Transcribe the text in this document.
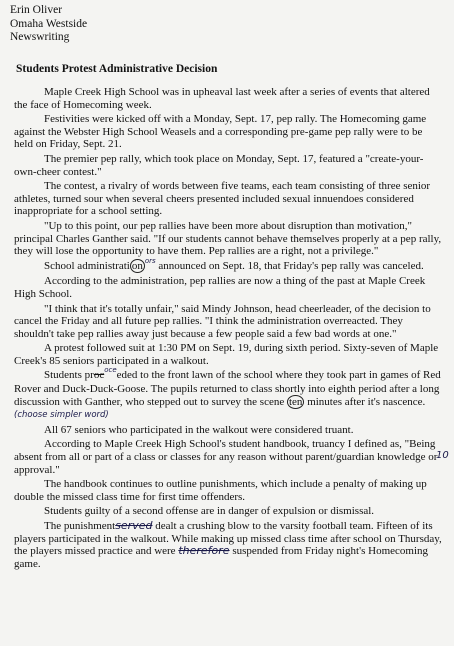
Erin Oliver
Omaha Westside
Newswriting
Students Protest Administrative Decision

Maple Creek High School was in upheaval last week after a series of events that altered the face of Homecoming week.

Festivities were kicked off with a Monday, Sept. 17, pep rally. The Homecoming game against the Webster High School Weasels and a corresponding pre-game pep rally were to be held on Friday, Sept. 21.

The premier pep rally, which took place on Monday, Sept. 17, featured a "create-your-own-cheer contest."

The contest, a rivalry of words between five teams, each team consisting of three senior athletes, turned sour when several cheers presented included sexual innuendoes considered inappropriate for a school setting.

"Up to this point, our pep rallies have been more about disruption than motivation," principal Charles Ganther said. "If our students cannot behave themselves properly at a pep rally, they will lose the opportunity to have them. Pep rallies are a right, not a privilege."

School administrati on $^{ors}$ announced on Sept. 18, that Friday's pep rally was canceled.

According to the administration, pep rallies are now a thing of the past at Maple Creek High School.

"I think that it's totally unfair," said Mindy Johnson, head cheerleader, of the decision to cancel the Friday and all future pep rallies. "I think the administration overreacted. They shouldn't take pep rallies away just because a few people said a few bad words at one."

A protest followed suit at 1:30 PM on Sept. 19, during sixth period. Sixty-seven of Maple Creek's 85 seniors participated in a walkout.

Students proc$^{oce}$eded to the front lawn of the school where they took part in games of Red Rover and Duck-Duck-Goose. The pupils returned to class shortly into eighth period after a long discussion with Ganther, who stepped out to survey the scene ten minutes after it's nascence. (choose simpler word)

All 67 seniors who participated in the walkout were considered truant.

According to Maple Creek High School's student handbook, truancy I defined as, "Being absent from all or part of a class or classes for any reason without parent/guardian knowledge or approval."

The handbook continues to outline punishments, which include a penalty of making up double the missed class time for first time offenders.

Students guilty of a second offense are in danger of expulsion or dismissal.

The punishmentserved dealt a crushing blow to the varsity football team. Fifteen of its players participated in the walkout. While making up missed class time after school on Thursday, the players missed practice and were therefore suspended from Friday night's Homecoming game.

10
